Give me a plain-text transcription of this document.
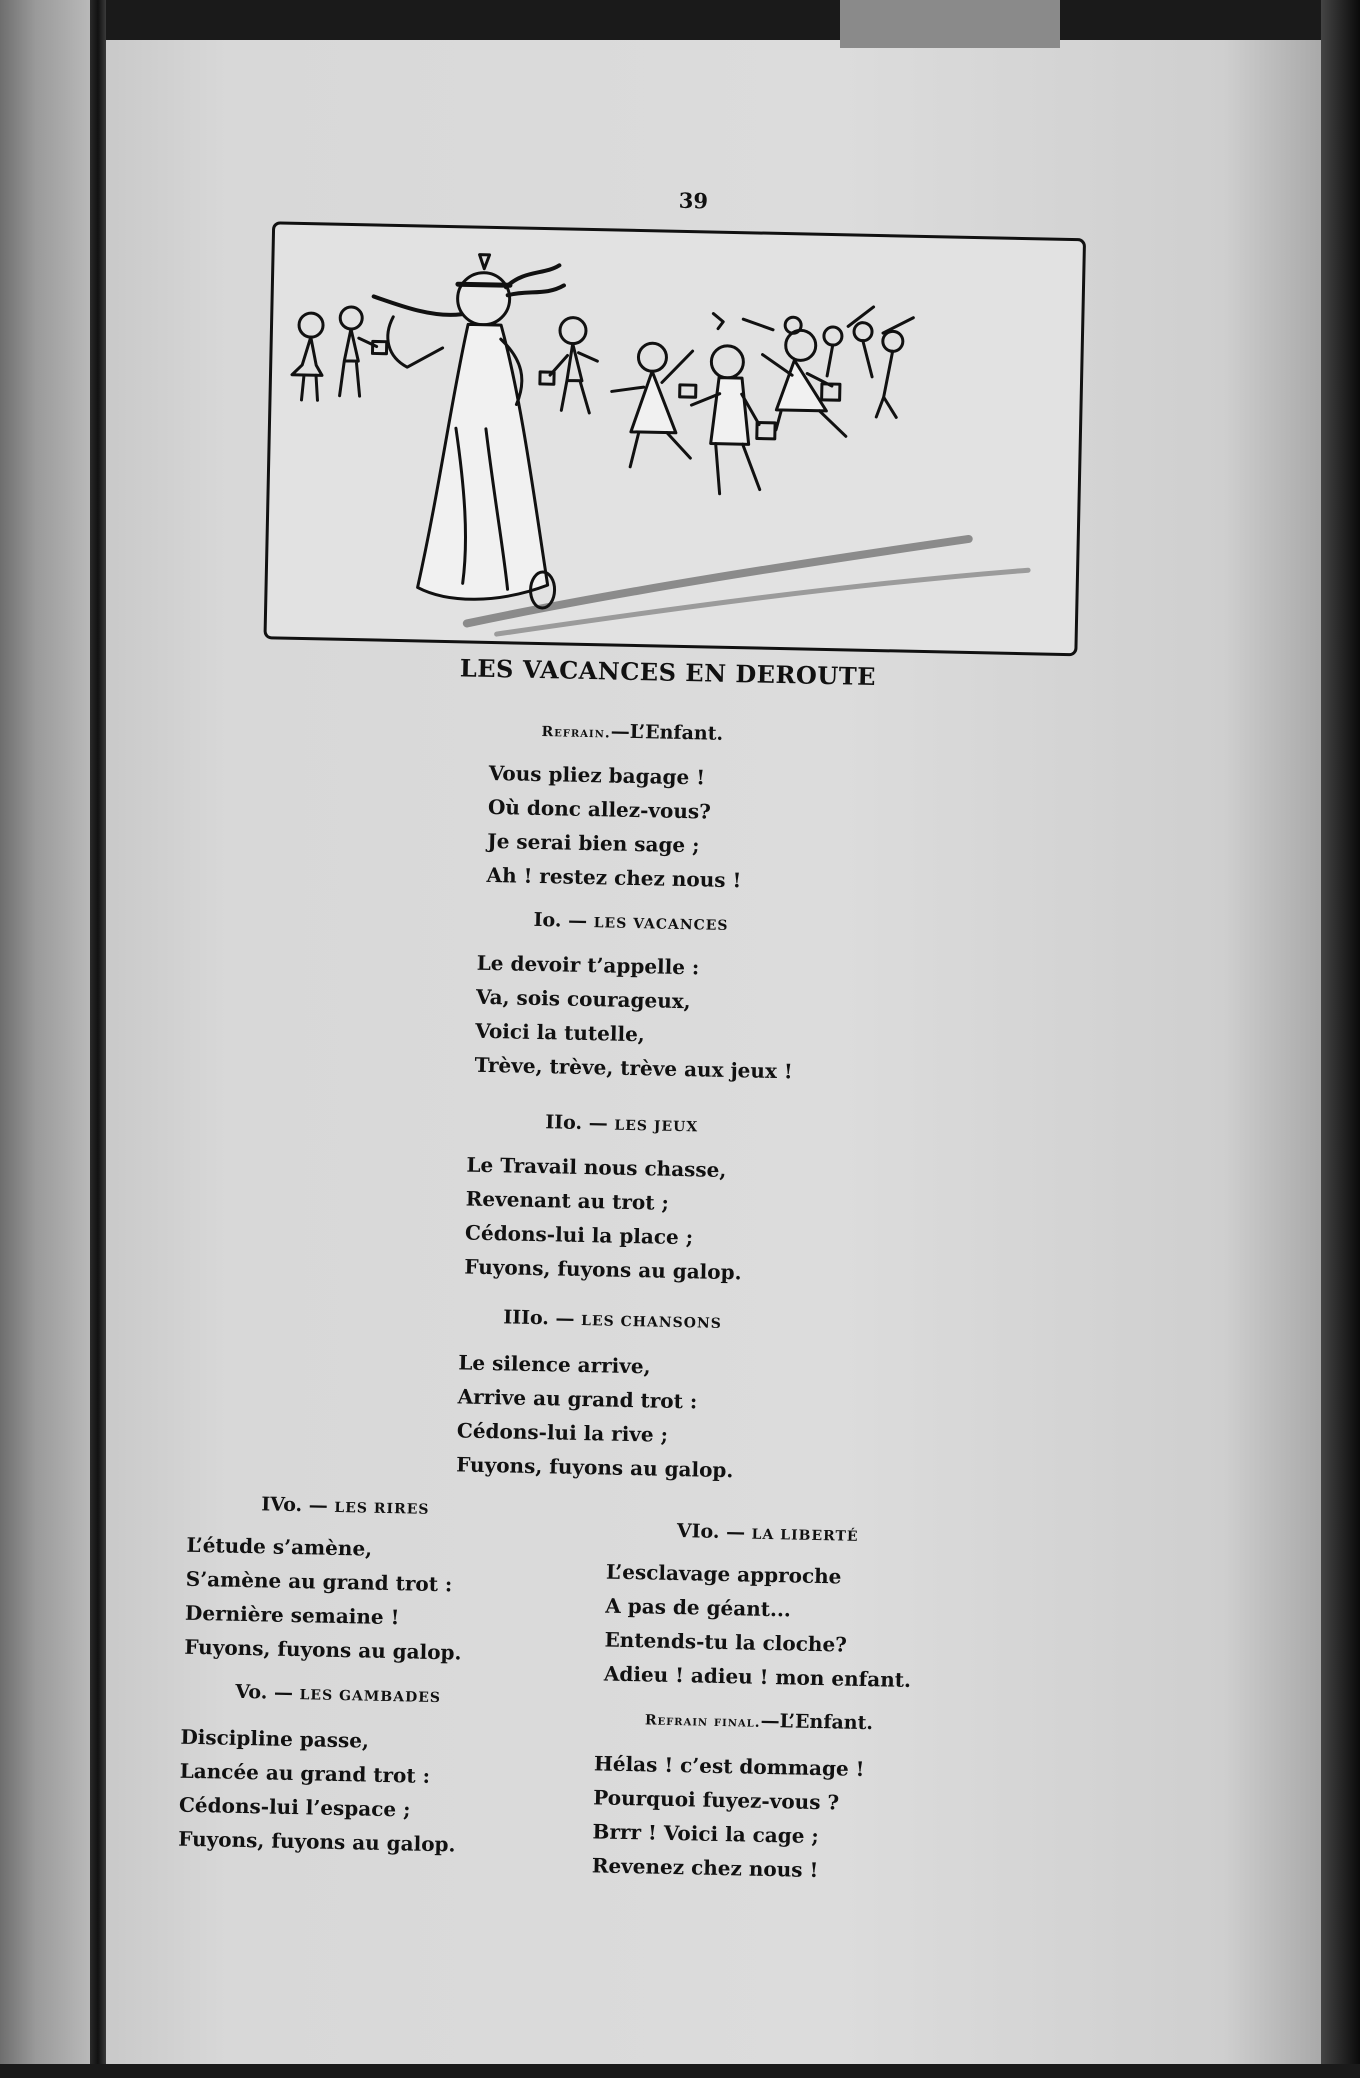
39
LES VACANCES EN DEROUTE
Refrain.—L’Enfant.
Vous pliez bagage !
Où donc allez-vous?
Je serai bien sage ;
Ah ! restez chez nous !
Io. — LES VACANCES
Le devoir t’appelle :
Va, sois courageux,
Voici la tutelle,
Trève, trève, trève aux jeux !
IIo. — LES JEUX
Le Travail nous chasse,
Revenant au trot ;
Cédons-lui la place ;
Fuyons, fuyons au galop.
IIIo. — LES CHANSONS
Le silence arrive,
Arrive au grand trot :
Cédons-lui la rive ;
Fuyons, fuyons au galop.
IVo. — LES RIRES
L’étude s’amène,
S’amène au grand trot :
Dernière semaine !
Fuyons, fuyons au galop.
Vo. — LES GAMBADES
Discipline passe,
Lancée au grand trot :
Cédons-lui l’espace ;
Fuyons, fuyons au galop.
VIo. — LA LIBERTÉ
L’esclavage approche
A pas de géant...
Entends-tu la cloche?
Adieu ! adieu ! mon enfant.
Refrain final.—L’Enfant.
Hélas ! c’est dommage !
Pourquoi fuyez-vous ?
Brrr ! Voici la cage ;
Revenez chez nous !
